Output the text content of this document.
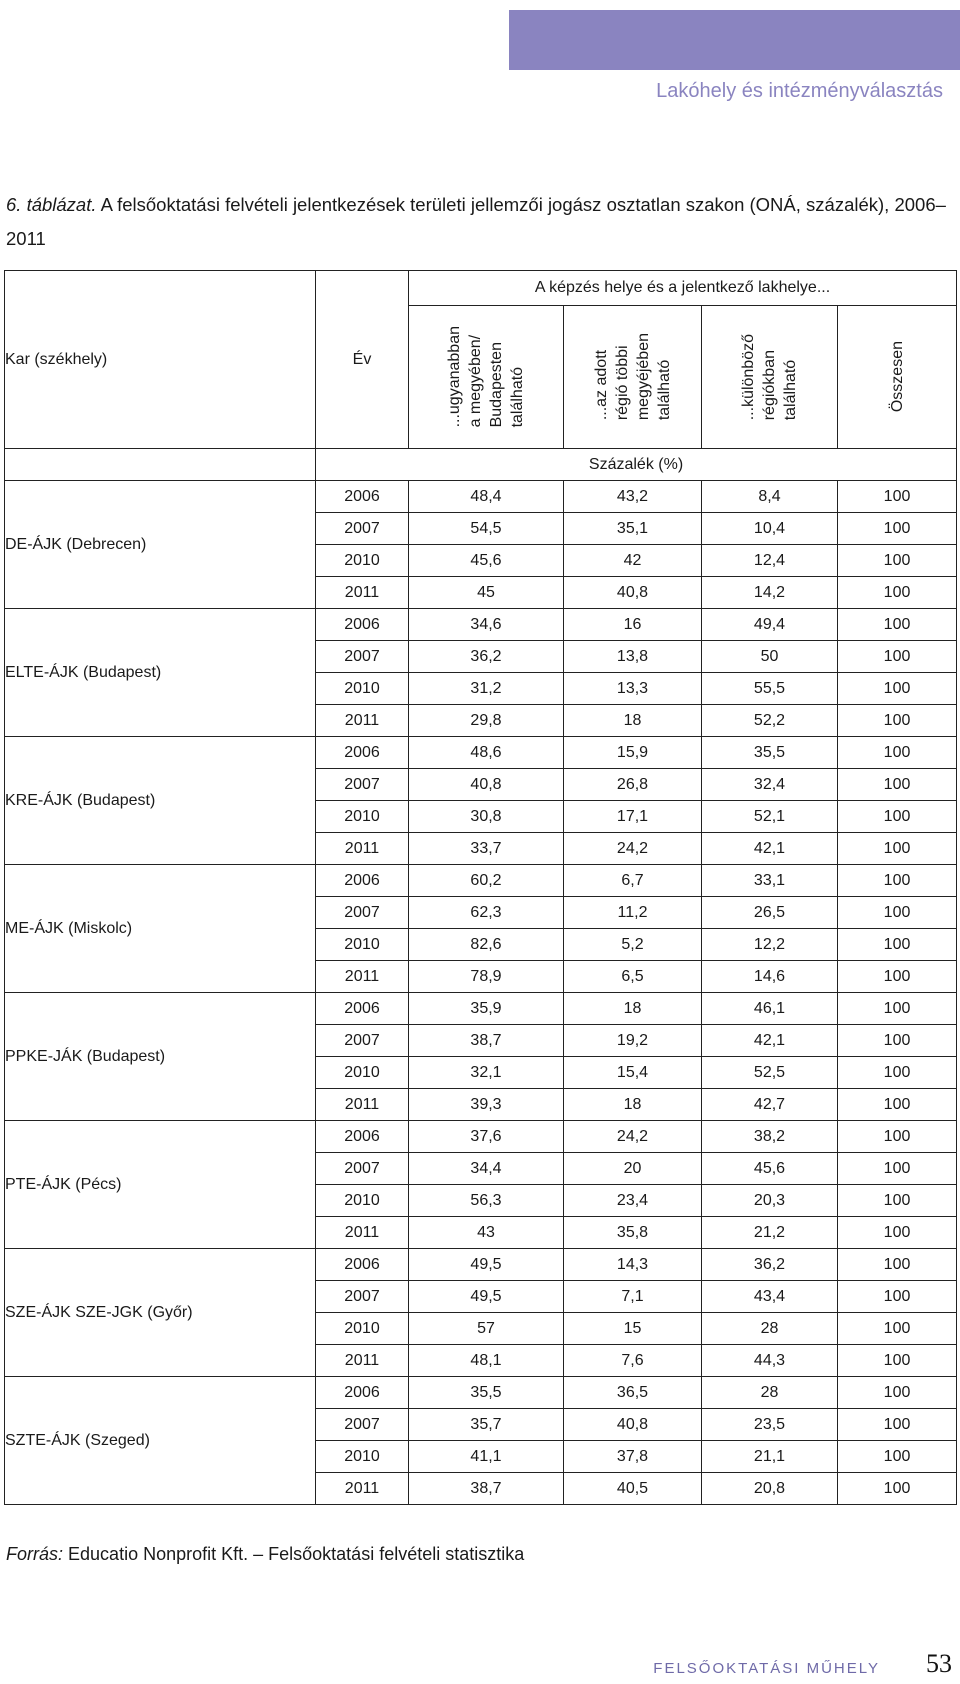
Lakóhely és intézményválasztás
6. táblázat. A felsőoktatási felvételi jelentkezések területi jellemzői jogász osztatlan szakon (ONÁ, százalék), 2006–2011
Kar (székhely)	Év	A képzés helye és a jelentkező lakhelye...			

		...ugyanabban
a megyében/
Budapesten
található	...az adott
régió többi
megyéjében
található	...különböző
régiókban
található	Összesen

	Százalék (%)				
DE-ÁJK (Debrecen)	2006	48,4	43,2	8,4	100
	2007	54,5	35,1	10,4	100
	2010	45,6	42	12,4	100
	2011	45	40,8	14,2	100
ELTE-ÁJK (Budapest)	2006	34,6	16	49,4	100
	2007	36,2	13,8	50	100
	2010	31,2	13,3	55,5	100
	2011	29,8	18	52,2	100
KRE-ÁJK (Budapest)	2006	48,6	15,9	35,5	100
	2007	40,8	26,8	32,4	100
	2010	30,8	17,1	52,1	100
	2011	33,7	24,2	42,1	100
ME-ÁJK (Miskolc)	2006	60,2	6,7	33,1	100
	2007	62,3	11,2	26,5	100
	2010	82,6	5,2	12,2	100
	2011	78,9	6,5	14,6	100
PPKE-JÁK (Budapest)	2006	35,9	18	46,1	100
	2007	38,7	19,2	42,1	100
	2010	32,1	15,4	52,5	100
	2011	39,3	18	42,7	100
PTE-ÁJK (Pécs)	2006	37,6	24,2	38,2	100
	2007	34,4	20	45,6	100
	2010	56,3	23,4	20,3	100
	2011	43	35,8	21,2	100
SZE-ÁJK SZE-JGK (Győr)	2006	49,5	14,3	36,2	100
	2007	49,5	7,1	43,4	100
	2010	57	15	28	100
	2011	48,1	7,6	44,3	100
SZTE-ÁJK (Szeged)	2006	35,5	36,5	28	100
	2007	35,7	40,8	23,5	100
	2010	41,1	37,8	21,1	100
	2011	38,7	40,5	20,8	100
Forrás: Educatio Nonprofit Kft. – Felsőoktatási felvételi statisztika
FELSŐOKTATÁSI MŰHELY 53
